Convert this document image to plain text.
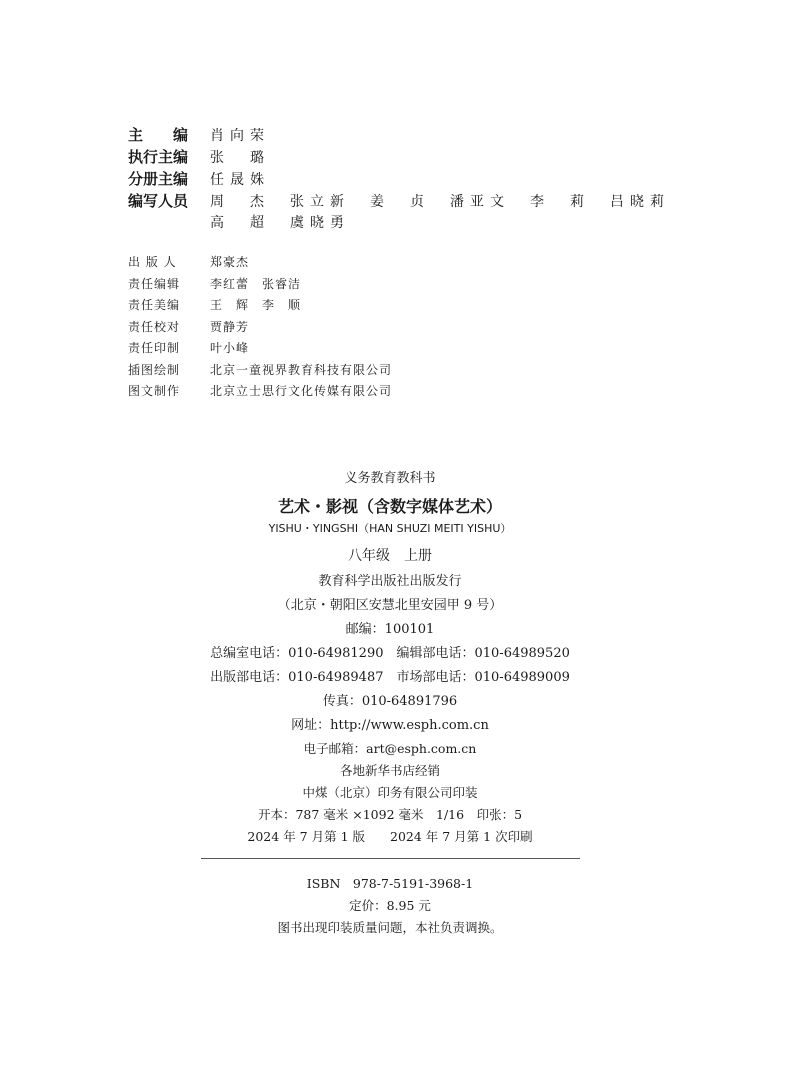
主　　编	肖向荣
执行主编	张　璐
分册主编	任晟姝
编写人员	周　杰　张立新　姜　贞　潘亚文　李　莉　吕晓莉
高　超　虞晓勇
出 版 人	郑豪杰
责任编辑	李红蕾　张睿洁
责任美编	王　辉　李　顺
责任校对	贾静芳
责任印制	叶小峰
插图绘制	北京一童视界教育科技有限公司
图文制作	北京立士思行文化传媒有限公司
义务教育教科书
艺术・影视（含数字媒体艺术）
YISHU・YINGSHI（HAN SHUZI MEITI YISHU）
八年级　上册
教育科学出版社出版发行
（北京・朝阳区安慧北里安园甲 9 号）
邮编：100101
总编室电话：010-64981290　编辑部电话：010-64989520
出版部电话：010-64989487　市场部电话：010-64989009
传真：010-64891796
网址：http://www.esph.com.cn
电子邮箱：art@esph.com.cn
各地新华书店经销
中煤（北京）印务有限公司印装
开本：787 毫米 ×1092 毫米　1/16　印张：5
2024 年 7 月第 1 版　　2024 年 7 月第 1 次印刷
ISBN　978-7-5191-3968-1
定价：8.95 元
图书出现印装质量问题，本社负责调换。
